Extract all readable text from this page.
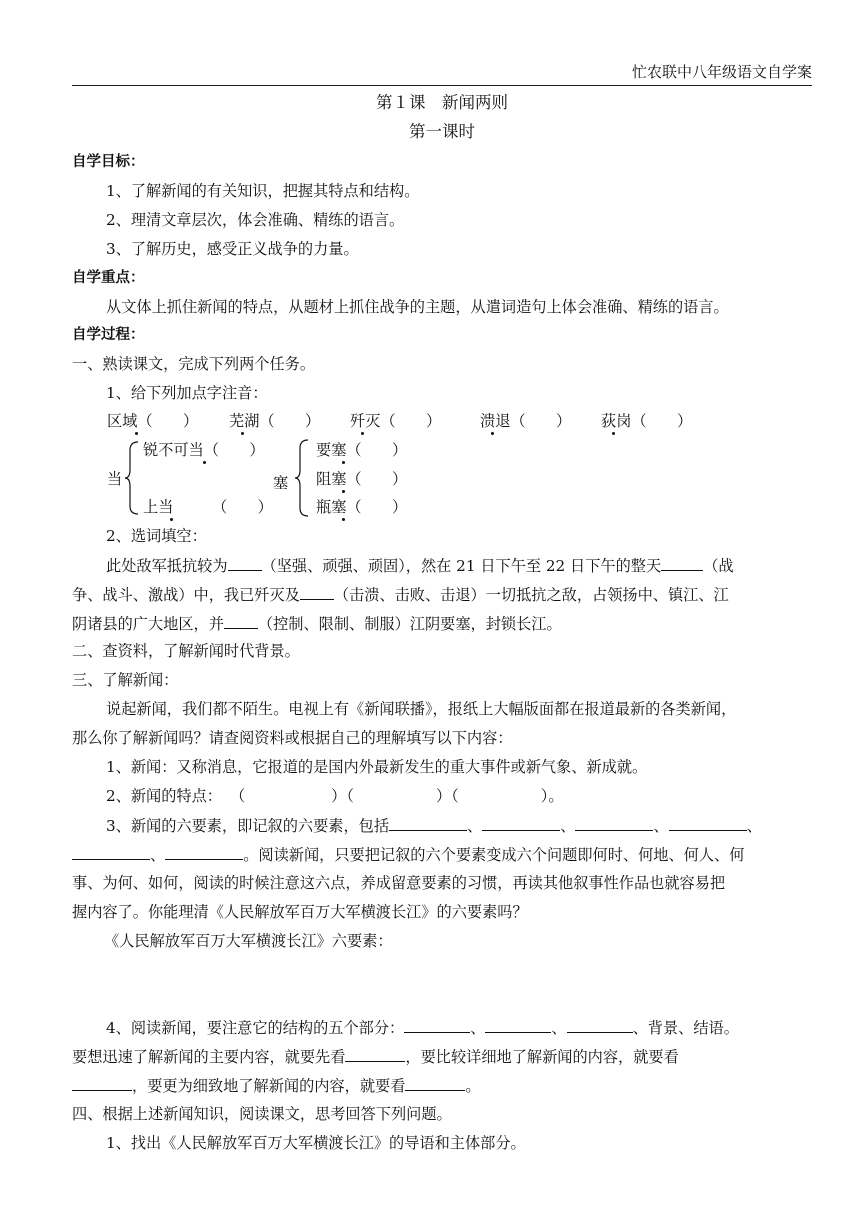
忙农联中八年级语文自学案
第１课　新闻两则
第一课时
自学目标：
1、了解新闻的有关知识，把握其特点和结构。
2、理清文章层次，体会准确、精练的语言。
3、了解历史，感受正义战争的力量。
自学重点：
从文体上抓住新闻的特点，从题材上抓住战争的主题，从遣词造句上体会准确、精练的语言。
自学过程：
一、熟读课文，完成下列两个任务。
1、给下列加点字注音：
区域（　　） 芜湖（　　） 歼灭（　　）	溃退（　　） 荻岗（　　）
当
锐不可当（　　）
上当	（　　）
塞
要塞（　　）
阻塞（　　）
瓶塞（　　）
2、选词填空：
此处敌军抵抗较为 （坚强、顽强、顽固），然在 21 日下午至 22 日下午的整天	（战
争、战斗、激战）中，我已歼灭及 （击溃、击败、击退）一切抵抗之敌，占领扬中、镇江、江
阴诸县的广大地区，并 （控制、限制、制服）江阴要塞，封锁长江。
二、查资料，了解新闻时代背景。
三、了解新闻：
说起新闻，我们都不陌生。电视上有《新闻联播》，报纸上大幅版面都在报道最新的各类新闻，
那么你了解新闻吗？请查阅资料或根据自己的理解填写以下内容：
1、新闻：又称消息，它报道的是国内外最新发生的重大事件或新气象、新成就。
2、新闻的特点： （	）（	）（	）。
3、新闻的六要素，即记叙的六要素，包括	、	、	、	、
、	。阅读新闻，只要把记叙的六个要素变成六个问题即何时、何地、何人、何
事、为何、如何，阅读的时候注意这六点，养成留意要素的习惯，再读其他叙事性作品也就容易把
握内容了。你能理清《人民解放军百万大军横渡长江》的六要素吗？
《人民解放军百万大军横渡长江》六要素：
4、阅读新闻，要注意它的结构的五个部分：	、	、	、背景、结语。
要想迅速了解新闻的主要内容，就要先看	，要比较详细地了解新闻的内容，就要看
，要更为细致地了解新闻的内容，就要看	。
四、根据上述新闻知识，阅读课文，思考回答下列问题。
1、找出《人民解放军百万大军横渡长江》的导语和主体部分。
